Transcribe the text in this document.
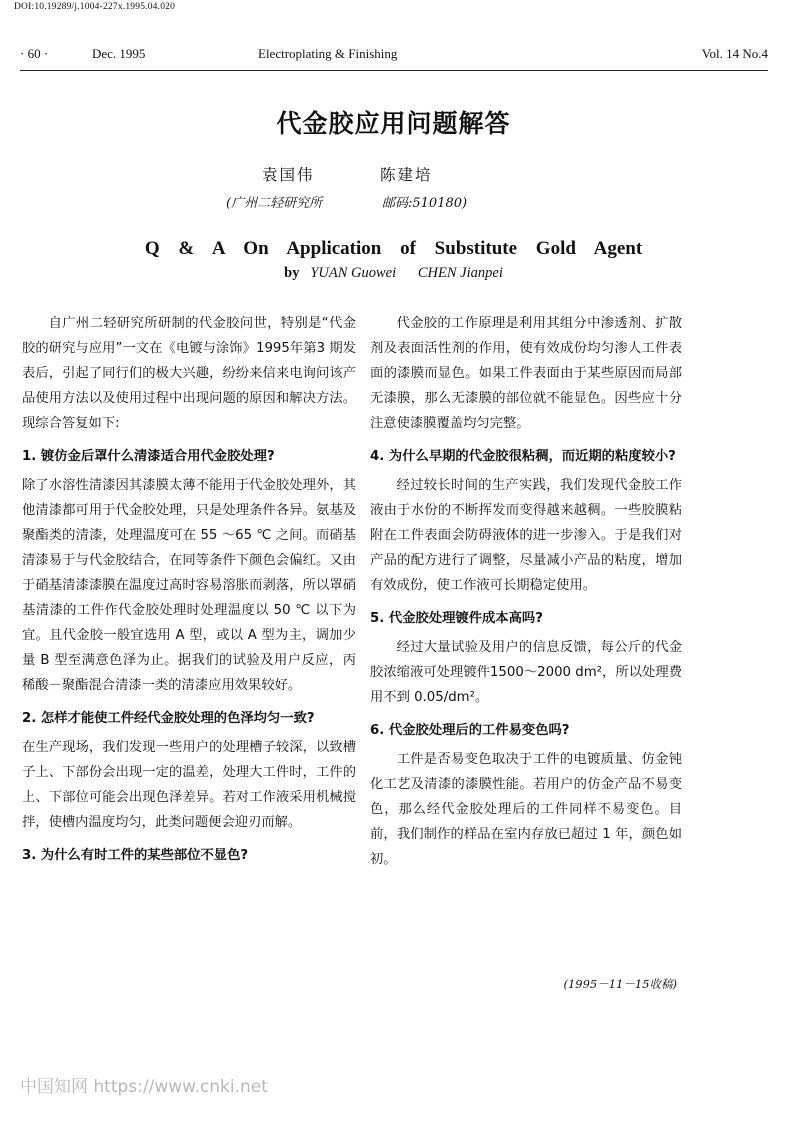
DOI:10.19289/j.1004-227x.1995.04.020
· 60 ·	Dec. 1995	Electroplating & Finishing	Vol. 14 No.4
代金胶应用问题解答
袁国伟	陈建培
(广州二轻研究所	邮码:510180)
Q & A On Application of Substitute Gold Agent
by YUAN Guowei CHEN Jianpei

自广州二轻研究所研制的代金胶问世，特别是“代金胶的研究与应用”一文在《电镀与涂饰》1995年第3 期发表后，引起了同行们的极大兴趣，纷纷来信来电询问该产品使用方法以及使用过程中出现问题的原因和解决方法。现综合答复如下:

1. 镀仿金后罩什么清漆适合用代金胶处理?

除了水溶性清漆因其漆膜太薄不能用于代金胶处理外，其他清漆都可用于代金胶处理，只是处理条件各异。氨基及聚酯类的清漆，处理温度可在 55 ～65 ℃ 之间。而硝基清漆易于与代金胶结合，在同等条件下颜色会偏红。又由于硝基清漆漆膜在温度过高时容易溶胀而剥落，所以罩硝基清漆的工件作代金胶处理时处理温度以 50 ℃ 以下为宜。且代金胶一般宜选用 A 型，或以 A 型为主，调加少量 B 型至满意色泽为止。据我们的试验及用户反应，丙稀酸－聚酯混合清漆一类的清漆应用效果较好。

2. 怎样才能使工件经代金胶处理的色泽均匀一致?

在生产现场，我们发现一些用户的处理槽子较深，以致槽子上、下部份会出现一定的温差，处理大工件时，工件的上、下部位可能会出现色泽差异。若对工作液采用机械搅拌，使槽内温度均匀，此类问题便会迎刃而解。

3. 为什么有时工件的某些部位不显色?

代金胶的工作原理是利用其组分中渗透剂、扩散剂及表面活性剂的作用，使有效成份均匀渗人工件表面的漆膜而显色。如果工件表面由于某些原因而局部无漆膜，那么无漆膜的部位就不能显色。因些应十分注意使漆膜覆盖均匀完整。

4. 为什么早期的代金胶很粘稠，而近期的粘度较小?

经过较长时间的生产实践，我们发现代金胶工作液由于水份的不断挥发而变得越来越稠。一些胶膜粘附在工件表面会防碍液体的进一步渗入。于是我们对产品的配方进行了调整，尽量减小产品的粘度，增加有效成份，使工作液可长期稳定使用。

5. 代金胶处理镀件成本高吗?

经过大量试验及用户的信息反馈，每公斤的代金胶浓缩液可处理镀件1500～2000 dm²，所以处理费用不到 0.05/dm²。

6. 代金胶处理后的工件易变色吗?

工件是否易变色取决于工件的电镀质量、仿金钝化工艺及清漆的漆膜性能。若用户的仿金产品不易变色，那么经代金胶处理后的工件同样不易变色。目前，我们制作的样品在室内存放已超过 1 年，颜色如初。

(1995－11－15收稿)
中国知网 https://www.cnki.net
